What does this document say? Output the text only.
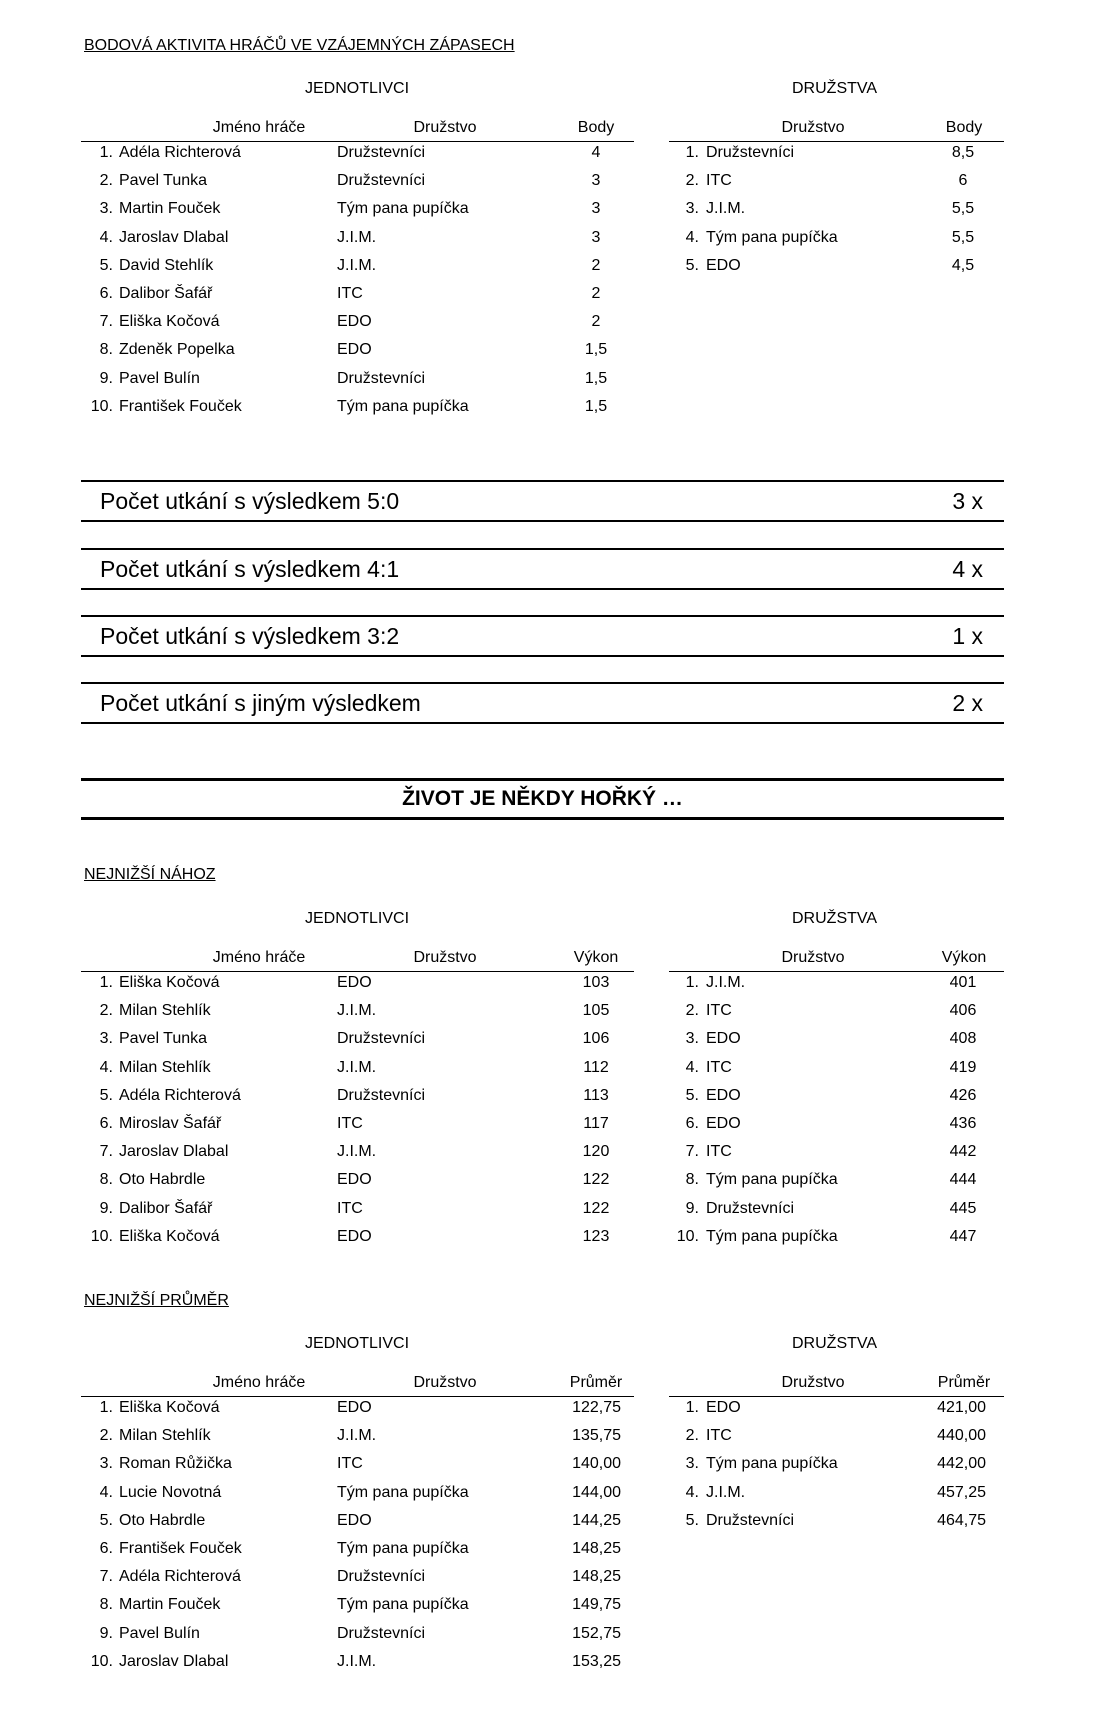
BODOVÁ AKTIVITA HRÁČŮ VE VZÁJEMNÝCH ZÁPASECH
JEDNOTLIVCI	DRUŽSTVA
Jméno hráče	Družstvo	Body
1. Adéla Richterová	Družstevníci	4
2. Pavel Tunka	Družstevníci	3
3. Martin Fouček	Tým pana pupíčka	3
4. Jaroslav Dlabal	J.I.M.	3
5. David Stehlík	J.I.M.	2
6. Dalibor Šafář	ITC	2
7. Eliška Kočová	EDO	2
8. Zdeněk Popelka	EDO	1,5
9. Pavel Bulín	Družstevníci	1,5
10. František Fouček	Tým pana pupíčka	1,5
Družstvo	Body
1. Družstevníci	8,5
2. ITC	6
3. J.I.M.	5,5
4. Tým pana pupíčka	5,5
5. EDO	4,5
Počet utkání s výsledkem 5:0	3 x
Počet utkání s výsledkem 4:1	4 x
Počet utkání s výsledkem 3:2	1 x
Počet utkání s jiným výsledkem	2 x
ŽIVOT JE NĚKDY HOŘKÝ …
NEJNIŽŠÍ NÁHOZ
JEDNOTLIVCI	DRUŽSTVA
Jméno hráče	Družstvo	Výkon
1. Eliška Kočová	EDO	103
2. Milan Stehlík	J.I.M.	105
3. Pavel Tunka	Družstevníci	106
4. Milan Stehlík	J.I.M.	112
5. Adéla Richterová	Družstevníci	113
6. Miroslav Šafář	ITC	117
7. Jaroslav Dlabal	J.I.M.	120
8. Oto Habrdle	EDO	122
9. Dalibor Šafář	ITC	122
10. Eliška Kočová	EDO	123
Družstvo	Výkon
1. J.I.M.	401
2. ITC	406
3. EDO	408
4. ITC	419
5. EDO	426
6. EDO	436
7. ITC	442
8. Tým pana pupíčka	444
9. Družstevníci	445
10. Tým pana pupíčka	447
NEJNIŽŠÍ PRŮMĚR
JEDNOTLIVCI	DRUŽSTVA
Jméno hráče	Družstvo	Průměr
1. Eliška Kočová	EDO	122,75
2. Milan Stehlík	J.I.M.	135,75
3. Roman Růžička	ITC	140,00
4. Lucie Novotná	Tým pana pupíčka	144,00
5. Oto Habrdle	EDO	144,25
6. František Fouček	Tým pana pupíčka	148,25
7. Adéla Richterová	Družstevníci	148,25
8. Martin Fouček	Tým pana pupíčka	149,75
9. Pavel Bulín	Družstevníci	152,75
10. Jaroslav Dlabal	J.I.M.	153,25
Družstvo	Průměr
1. EDO	421,00
2. ITC	440,00
3. Tým pana pupíčka	442,00
4. J.I.M.	457,25
5. Družstevníci	464,75
